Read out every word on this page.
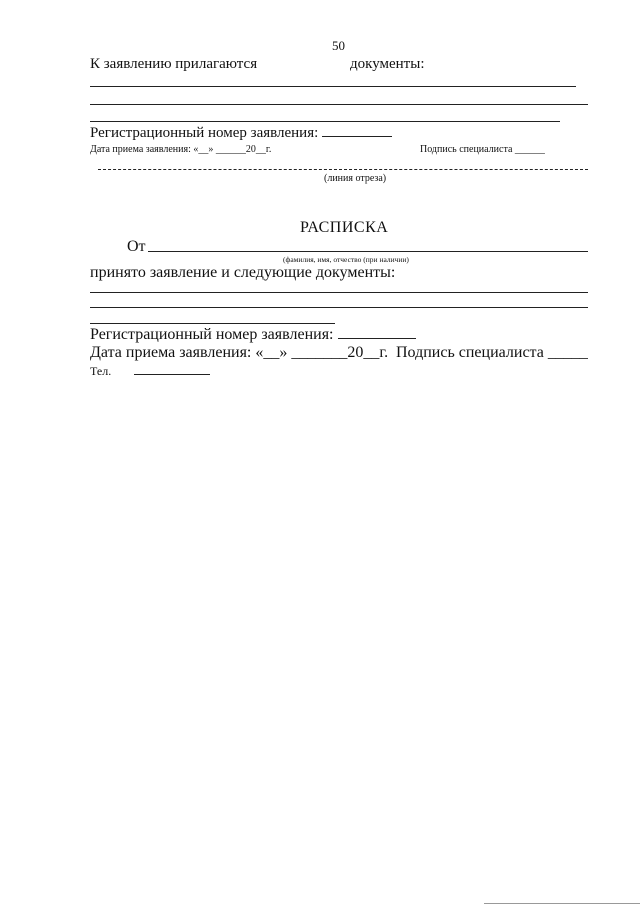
50
К заявлению прилагаются	документы:
Регистрационный номер заявления:
Дата приема заявления: «__» ______20__г.	Подпись специалиста ______
(линия отреза)
РАСПИСКА
От
(фамилия, имя, отчество (при наличии)
принято заявление и следующие документы:
Регистрационный номер заявления:
Дата приема заявления: «__» _______20__г. Подпись специалиста _____
Тел.
